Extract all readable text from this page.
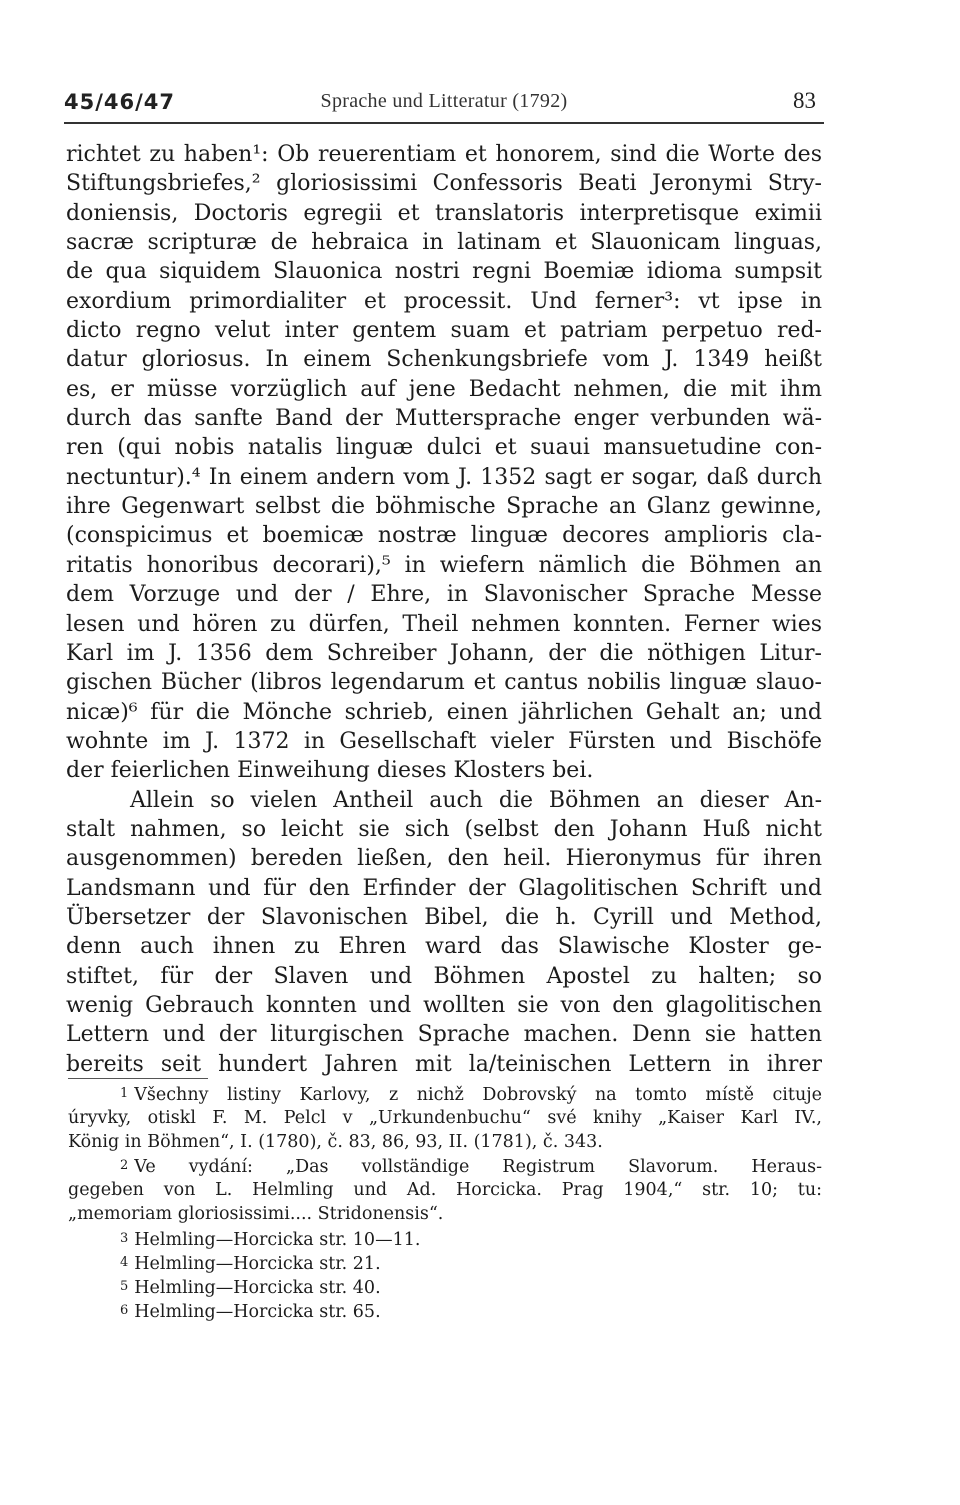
45/46/47	Sprache und Litteratur (1792)	83
richtet zu haben¹: Ob reuerentiam et honorem, sind die Worte des
Stiftungsbriefes,² gloriosissimi Confessoris Beati Jeronymi Stry-
doniensis, Doctoris egregii et translatoris interpretisque eximii
sacræ scripturæ de hebraica in latinam et Slauonicam linguas,
de qua siquidem Slauonica nostri regni Boemiæ idioma sumpsit
exordium primordialiter et processit. Und ferner³: vt ipse in
dicto regno velut inter gentem suam et patriam perpetuo red-
datur gloriosus. In einem Schenkungsbriefe vom J. 1349 heißt
es, er müsse vorzüglich auf jene Bedacht nehmen, die mit ihm
durch das sanfte Band der Muttersprache enger verbunden wä-
ren (qui nobis natalis linguæ dulci et suaui mansuetudine con-
nectuntur).⁴ In einem andern vom J. 1352 sagt er sogar, daß durch
ihre Gegenwart selbst die böhmische Sprache an Glanz gewinne,
(conspicimus et boemicæ nostræ linguæ decores amplioris cla-
ritatis honoribus decorari),⁵ in wiefern nämlich die Böhmen an
dem Vorzuge und der / Ehre, in Slavonischer Sprache Messe
lesen und hören zu dürfen, Theil nehmen konnten. Ferner wies
Karl im J. 1356 dem Schreiber Johann, der die nöthigen Litur-
gischen Bücher (libros legendarum et cantus nobilis linguæ slauo-
nicæ)⁶ für die Mönche schrieb, einen jährlichen Gehalt an; und
wohnte im J. 1372 in Gesellschaft vieler Fürsten und Bischöfe
der feierlichen Einweihung dieses Klosters bei.
Allein so vielen Antheil auch die Böhmen an dieser An-
stalt nahmen, so leicht sie sich (selbst den Johann Huß nicht
ausgenommen) bereden ließen, den heil. Hieronymus für ihren
Landsmann und für den Erfinder der Glagolitischen Schrift und
Übersetzer der Slavonischen Bibel, die h. Cyrill und Method,
denn auch ihnen zu Ehren ward das Slawische Kloster ge-
stiftet, für der Slaven und Böhmen Apostel zu halten; so
wenig Gebrauch konnten und wollten sie von den glagolitischen
Lettern und der liturgischen Sprache machen. Denn sie hatten
bereits seit hundert Jahren mit la/teinischen Lettern in ihrer
1 Všechny listiny Karlovy, z nichž Dobrovský na tomto místě cituje
úryvky, otiskl F. M. Pelcl v „Urkundenbuchu“ své knihy „Kaiser Karl IV.,
König in Böhmen“, I. (1780), č. 83, 86, 93, II. (1781), č. 343.
2 Ve vydání: „Das vollständige Registrum Slavorum. Heraus-
gegeben von L. Helmling und Ad. Horcicka. Prag 1904,“ str. 10; tu:
„memoriam gloriosissimi.... Stridonensis“.
3 Helmling—Horcicka str. 10—11.
4 Helmling—Horcicka str. 21.
5 Helmling—Horcicka str. 40.
6 Helmling—Horcicka str. 65.
